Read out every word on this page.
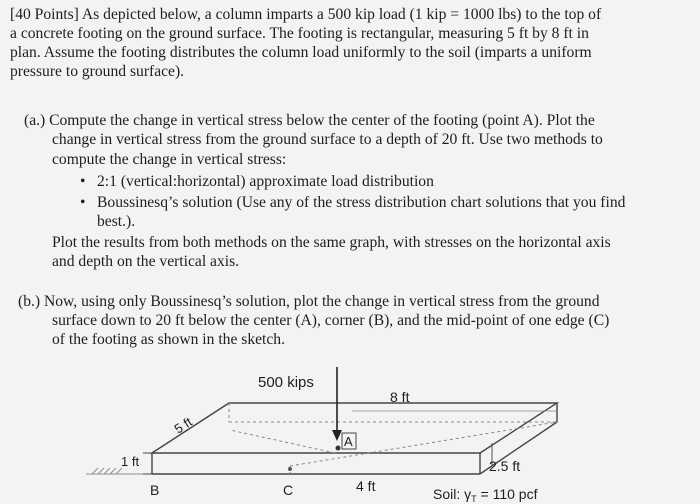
[40 Points] As depicted below, a column imparts a 500 kip load (1 kip = 1000 lbs) to the top of
a concrete footing on the ground surface. The footing is rectangular, measuring 5 ft by 8 ft in
plan. Assume the footing distributes the column load uniformly to the soil (imparts a uniform
pressure to ground surface).
(a.) Compute the change in vertical stress below the center of the footing (point A). Plot the
change in vertical stress from the ground surface to a depth of 20 ft. Use two methods to
compute the change in vertical stress:
• 2:1 (vertical:horizontal) approximate load distribution
• Boussinesq’s solution (Use any of the stress distribution chart solutions that you find
best.).
Plot the results from both methods on the same graph, with stresses on the horizontal axis
and depth on the vertical axis.
(b.) Now, using only Boussinesq’s solution, plot the change in vertical stress from the ground
surface down to 20 ft below the center (A), corner (B), and the mid-point of one edge (C)
of the footing as shown in the sketch.
500 kips
8 ft
5 ft
A
1 ft	2.5 ft
B	C	4 ft	Soil: $\gamma_T = 110$ pcf
